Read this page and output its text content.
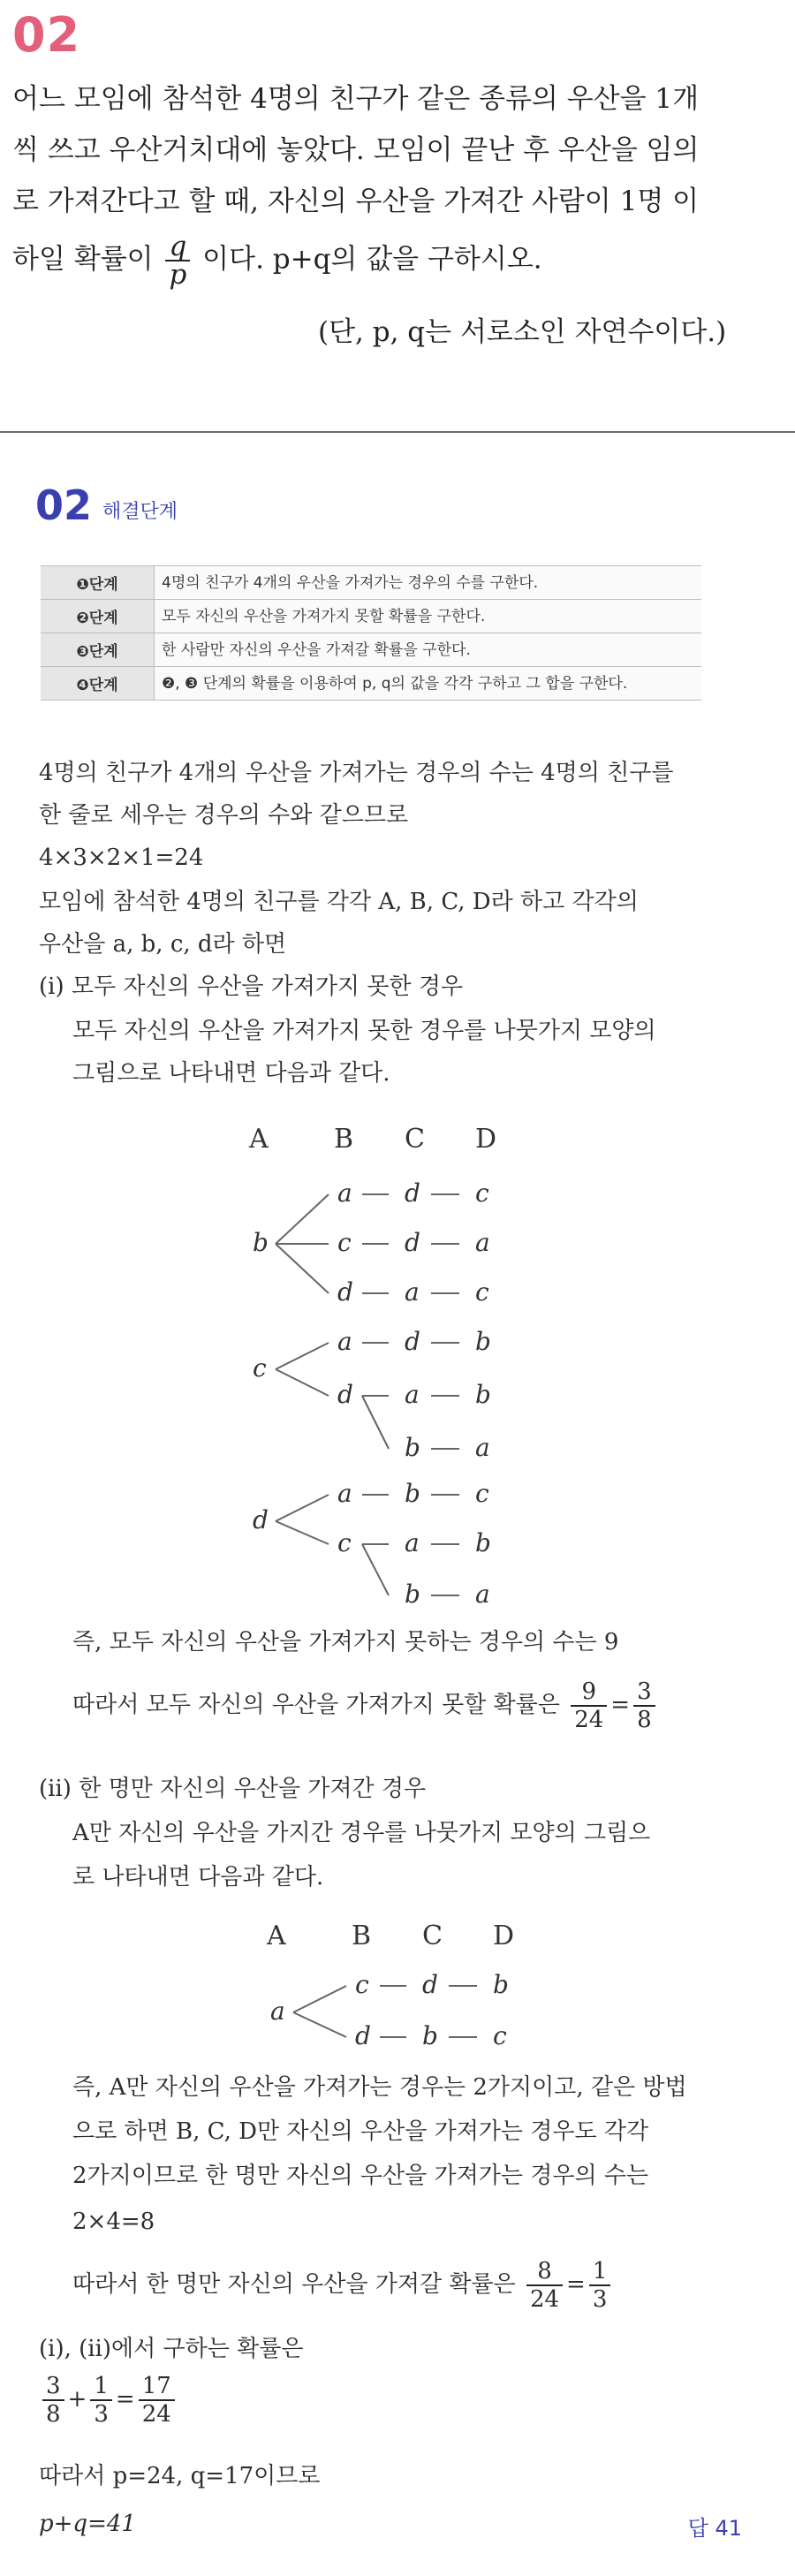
02
어느 모임에 참석한 4명의 친구가 같은 종류의 우산을 1개
씩 쓰고 우산거치대에 놓았다. 모임이 끝난 후 우산을 임의
로 가져간다고 할 때, 자신의 우산을 가져간 사람이 1명 이
하일 확률이 $\frac{q}{p}$ 이다. p+q의 값을 구하시오.
(단, p, q는 서로소인 자연수이다.)
02 해결단계
❶단계	4명의 친구가 4개의 우산을 가져가는 경우의 수를 구한다.
❷단계	모두 자신의 우산을 가져가지 못할 확률을 구한다.
❸단계	한 사람만 자신의 우산을 가져갈 확률을 구한다.
❹단계	❷, ❸ 단계의 확률을 이용하여 p, q의 값을 각각 구하고 그 합을 구한다.
4명의 친구가 4개의 우산을 가져가는 경우의 수는 4명의 친구를
한 줄로 세우는 경우의 수와 같으므로
4×3×2×1=24
모임에 참석한 4명의 친구를 각각 A, B, C, D라 하고 각각의
우산을 a, b, c, d라 하면
(ⅰ) 모두 자신의 우산을 가져가지 못한 경우
모두 자신의 우산을 가져가지 못한 경우를 나뭇가지 모양의
그림으로 나타내면 다음과 같다.
A B C D
b
a d c
c d a
d a c
c
a d b
d a b
b a
d
a b c
c a b
b a
즉, 모두 자신의 우산을 가져가지 못하는 경우의 수는 9
따라서 모두 자신의 우산을 가져가지 못할 확률은 $\frac{9}{24} = \frac{3}{8}$
(ⅱ) 한 명만 자신의 우산을 가져간 경우
A만 자신의 우산을 가지간 경우를 나뭇가지 모양의 그림으
로 나타내면 다음과 같다.
A B C D
a
c d b
d b c
즉, A만 자신의 우산을 가져가는 경우는 2가지이고, 같은 방법
으로 하면 B, C, D만 자신의 우산을 가져가는 경우도 각각
2가지이므로 한 명만 자신의 우산을 가져가는 경우의 수는
2×4=8
따라서 한 명만 자신의 우산을 가져갈 확률은 $\frac{8}{24} = \frac{1}{3}$
(ⅰ), (ⅱ)에서 구하는 확률은
$\frac{3}{8} + \frac{1}{3} = \frac{17}{24}$
따라서 p=24, q=17이므로
p+q=41	답 41
